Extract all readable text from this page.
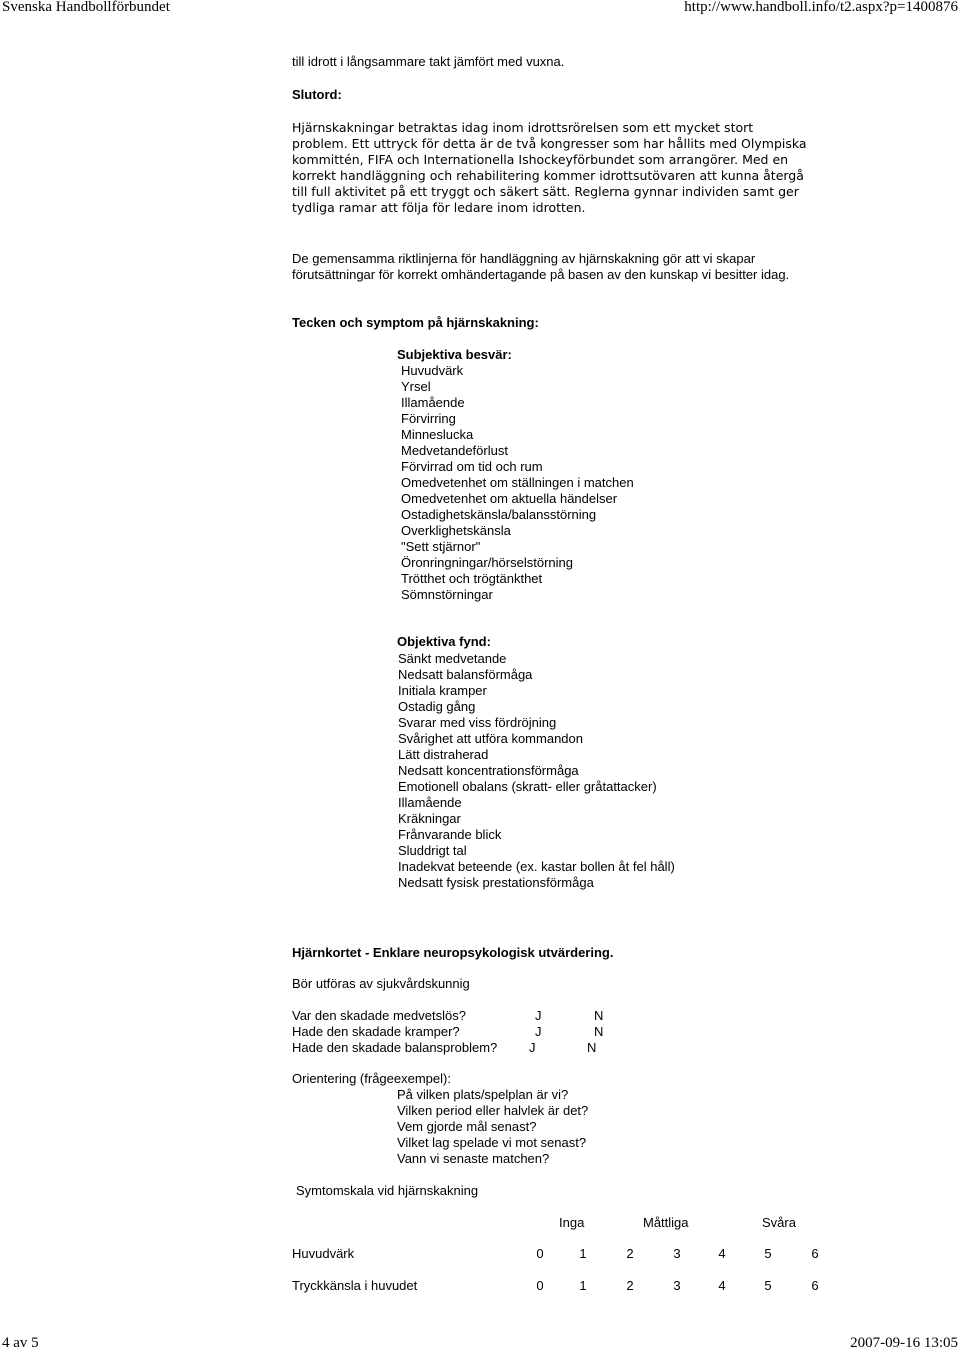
Svenska Handbollförbundet	http://www.handboll.info/t2.aspx?p=1400876
till idrott i långsammare takt jämfört med vuxna.
Slutord:
Hjärnskakningar betraktas idag inom idrottsrörelsen som ett mycket stort problem. Ett uttryck för detta är de två kongresser som har hållits med Olympiska kommittén, FIFA och Internationella Ishockeyförbundet som arrangörer. Med en korrekt handläggning och rehabilitering kommer idrottsutövaren att kunna återgå till full aktivitet på ett tryggt och säkert sätt. Reglerna gynnar individen samt ger tydliga ramar att följa för ledare inom idrotten.
De gemensamma riktlinjerna för handläggning av hjärnskakning gör att vi skapar förutsättningar för korrekt omhändertagande på basen av den kunskap vi besitter idag.
Tecken och symptom på hjärnskakning:
Subjektiva besvär:
Huvudvärk
Yrsel
Illamående
Förvirring
Minneslucka
Medvetandeförlust
Förvirrad om tid och rum
Omedvetenhet om ställningen i matchen
Omedvetenhet om aktuella händelser
Ostadighetskänsla/balansstörning
Overklighetskänsla
"Sett stjärnor"
Öronringningar/hörselstörning
Trötthet och trögtänkthet
Sömnstörningar
Objektiva fynd:
Sänkt medvetande
Nedsatt balansförmåga
Initiala kramper
Ostadig gång
Svarar med viss fördröjning
Svårighet att utföra kommandon
Lätt distraherad
Nedsatt koncentrationsförmåga
Emotionell obalans (skratt- eller gråtattacker)
Illamående
Kräkningar
Frånvarande blick
Sluddrigt tal
Inadekvat beteende (ex. kastar bollen åt fel håll)
Nedsatt fysisk prestationsförmåga
Hjärnkortet - Enklare neuropsykologisk utvärdering.
Bör utföras av sjukvårdskunnig
Var den skadade medvetslös?	J	N
Hade den skadade kramper?	J	N
Hade den skadade balansproblem? J	N
Orientering (frågeexempel):
På vilken plats/spelplan är vi?
Vilken period eller halvlek är det?
Vem gjorde mål senast?
Vilket lag spelade vi mot senast?
Vann vi senaste matchen?
Symtomskala vid hjärnskakning
Inga	Måttliga	Svåra
Huvudvärk	0	1	2	3	4	5	6
Tryckkänsla i huvudet	0	1	2	3	4	5	6
4 av 5	2007-09-16 13:05
